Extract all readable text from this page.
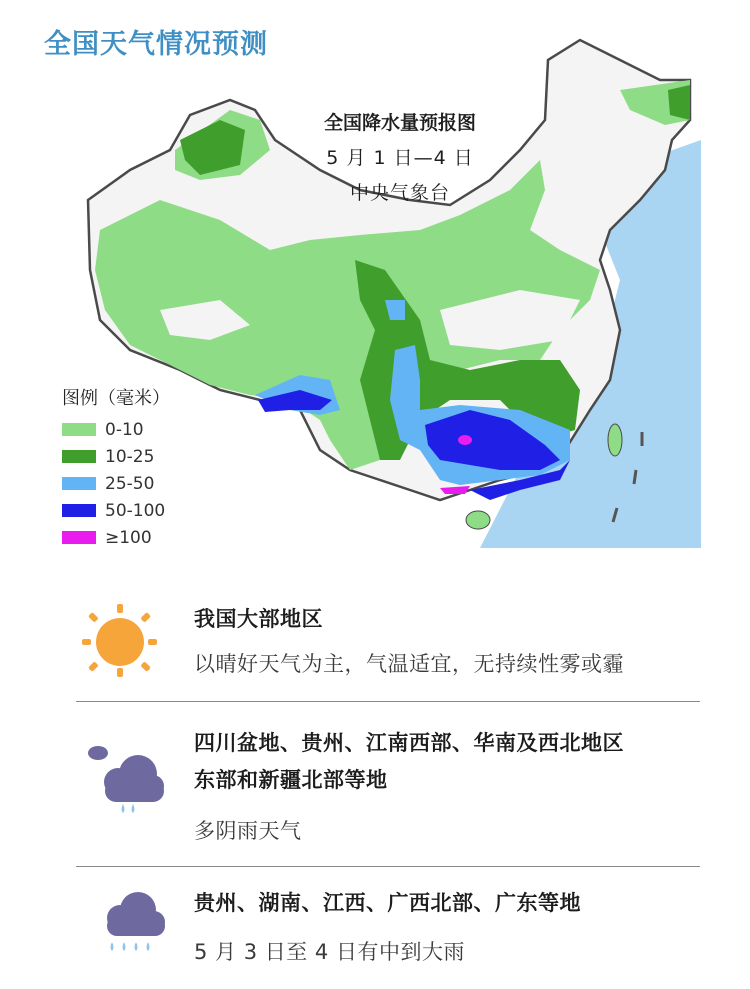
全国天气情况预测
全国降水量预报图
5 月 1 日—4 日
中央气象台
图例（毫米）
0-10
10-25
25-50
50-100
≥100
我国大部地区
以晴好天气为主，气温适宜，无持续性雾或霾
四川盆地、贵州、江南西部、华南及西北地区
东部和新疆北部等地
多阴雨天气
贵州、湖南、江西、广西北部、广东等地
5 月 3 日至 4 日有中到大雨
